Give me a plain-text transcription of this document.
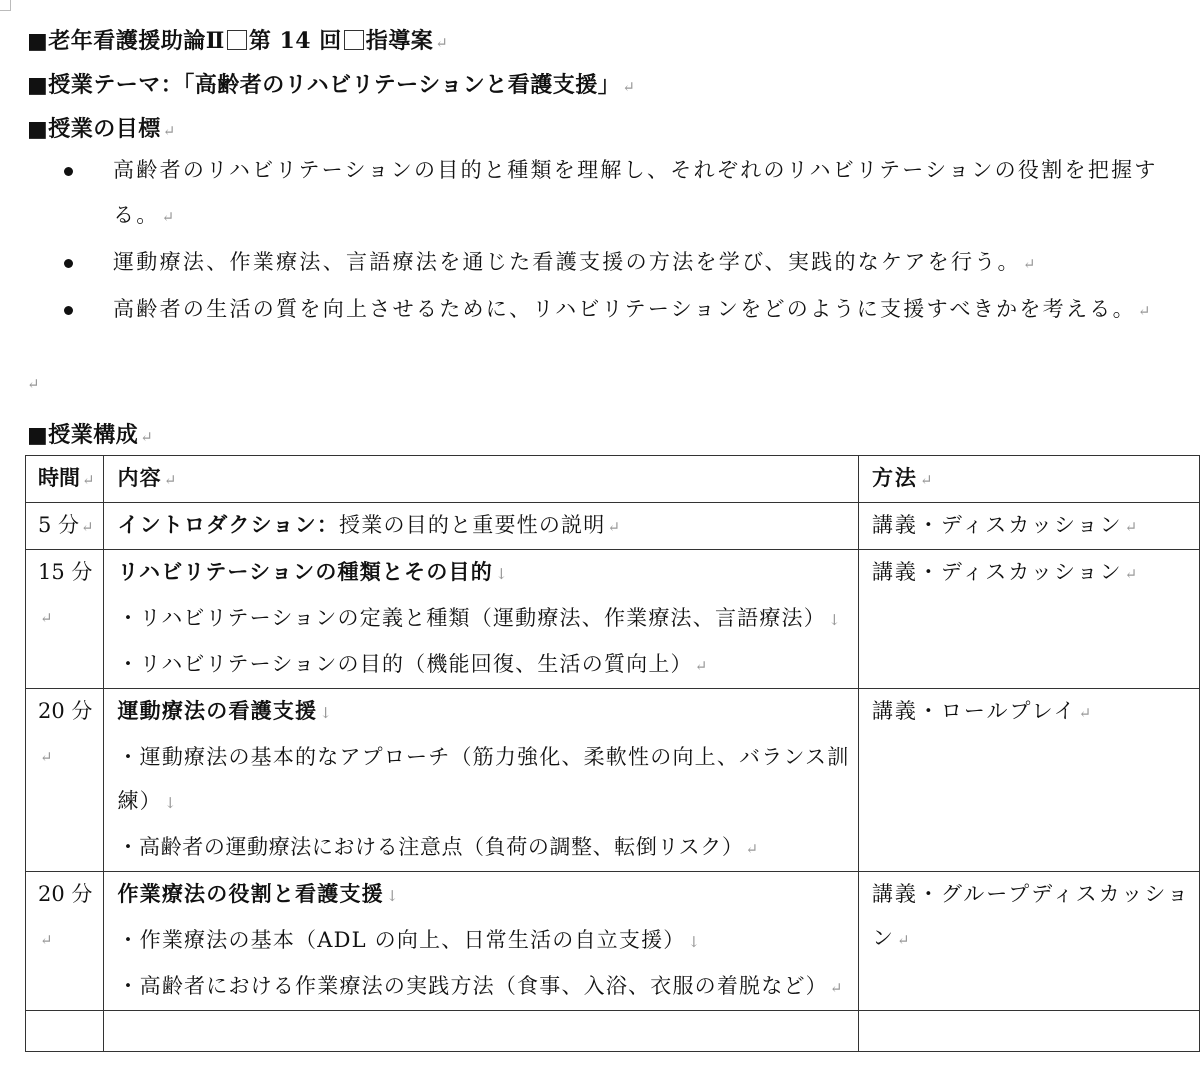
■老年看護援助論Ⅱ 第 14 回 指導案 ↵
■授業テーマ：「高齢者のリハビリテーションと看護支援」 ↵
■授業の目標 ↵
高齢者のリハビリテーションの目的と種類を理解し、それぞれのリハビリテーションの役割を把握する。 ↵
運動療法、作業療法、言語療法を通じた看護支援の方法を学び、実践的なケアを行う。 ↵
高齢者の生活の質を向上させるために、リハビリテーションをどのように支援すべきかを考える。 ↵
↵
■授業構成 ↵
時間 ↵	内容 ↵	方法 ↵
5 分 ↵	イントロダクション：授業の目的と重要性の説明 ↵	講義・ディスカッション ↵
15 分↵	リハビリテーションの種類とその目的 ↓
・リハビリテーションの定義と種類（運動療法、作業療法、言語療法） ↓
・リハビリテーションの目的（機能回復、生活の質向上） ↵	講義・ディスカッション ↵
20 分↵	運動療法の看護支援 ↓
・運動療法の基本的なアプローチ（筋力強化、柔軟性の向上、バランス訓練） ↓
・高齢者の運動療法における注意点（負荷の調整、転倒リスク） ↵	講義・ロールプレイ ↵
20 分↵	作業療法の役割と看護支援 ↓
・作業療法の基本（ADL の向上、日常生活の自立支援） ↓
・高齢者における作業療法の実践方法（食事、入浴、衣服の着脱など） ↵	講義・グループディスカッション ↵
